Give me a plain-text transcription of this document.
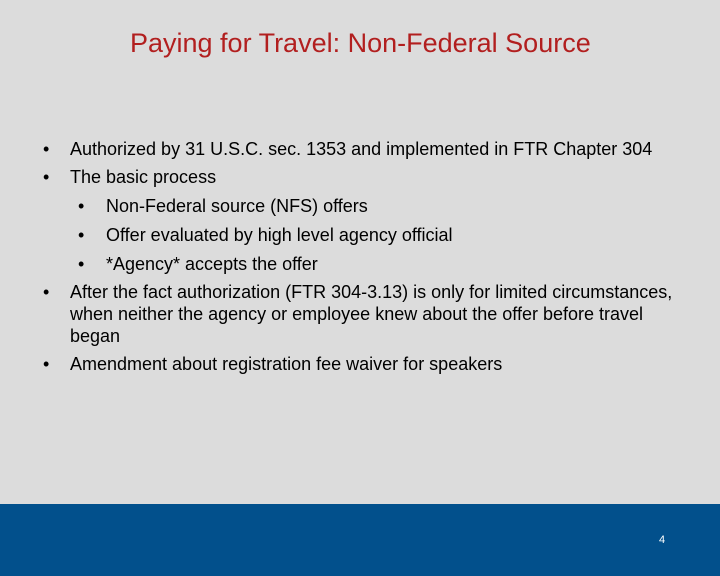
Paying for Travel: Non-Federal Source
• Authorized by 31 U.S.C. sec. 1353 and implemented in FTR Chapter 304
• The basic process
• Non-Federal source (NFS) offers
• Offer evaluated by high level agency official
• *Agency* accepts the offer
• After the fact authorization (FTR 304-3.13) is only for limited circumstances, when neither the agency or employee knew about the offer before travel began
• Amendment about registration fee waiver for speakers
4
